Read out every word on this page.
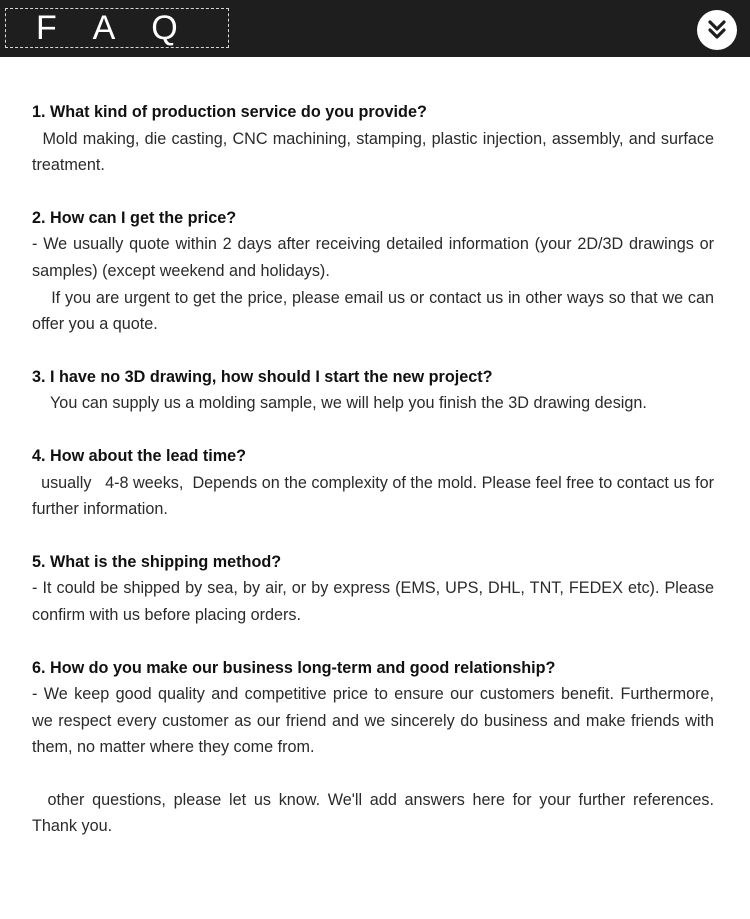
F    A    Q

1. What kind of production service do you provide?

Mold making, die casting, CNC machining, stamping, plastic injection, assembly, and surface treatment.

2. How can I get the price?

- We usually quote within 2 days after receiving detailed information (your 2D/3D drawings or samples) (except weekend and holidays).

If you are urgent to get the price, please email us or contact us in other ways so that we can offer you a quote.

3. I have no 3D drawing, how should I start the new project?

You can supply us a molding sample, we will help you finish the 3D drawing design.

4. How about the lead time?

usually   4-8 weeks,  Depends on the complexity of the mold. Please feel free to contact us for further information.

5. What is the shipping method?

- It could be shipped by sea, by air, or by express (EMS, UPS, DHL, TNT, FEDEX etc). Please confirm with us before placing orders.

6. How do you make our business long-term and good relationship?

- We keep good quality and competitive price to ensure our customers benefit. Furthermore, we respect every customer as our friend and we sincerely do business and make friends with them, no matter where they come from.

other questions, please let us know. We'll add answers here for your further references. Thank you.
